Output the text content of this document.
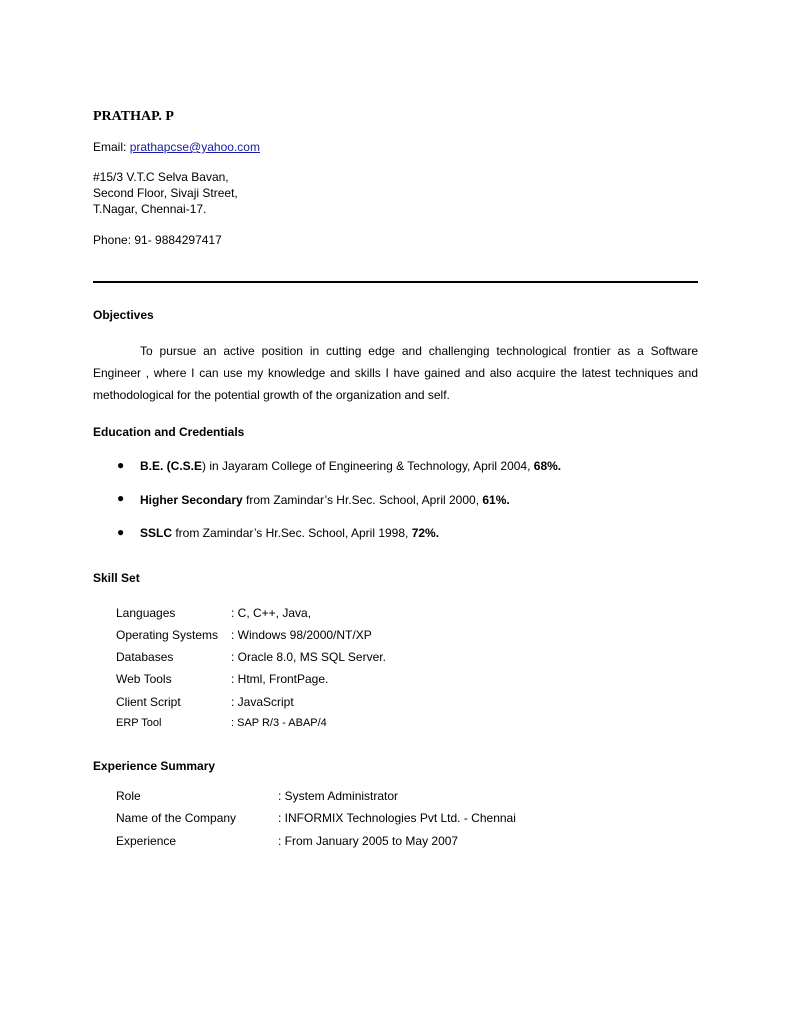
PRATHAP. P
Email: prathapcse@yahoo.com
#15/3 V.T.C Selva Bavan,
Second Floor, Sivaji Street,
T.Nagar, Chennai-17.
Phone: 91- 9884297417
Objectives

To pursue an active position in cutting edge and challenging technological frontier as a Software Engineer , where I can use my knowledge and skills I have gained and also acquire the latest techniques and methodological for the potential growth of the organization and self.

Education and Credentials
● B.E. (C.S.E) in Jayaram College of Engineering & Technology, April 2004, 68%.
● Higher Secondary from Zamindar’s Hr.Sec. School, April 2000, 61%.
● SSLC from Zamindar’s Hr.Sec. School, April 1998, 72%.
Skill Set
Languages	: C, C++, Java,
Operating Systems : Windows 98/2000/NT/XP
Databases	: Oracle 8.0, MS SQL Server.
Web Tools	: Html, FrontPage.
Client Script	: JavaScript
ERP Tool	: SAP R/3 - ABAP/4
Experience Summary
Role	: System Administrator
Name of the Company	: INFORMIX Technologies Pvt Ltd. - Chennai
Experience	: From January 2005 to May 2007
